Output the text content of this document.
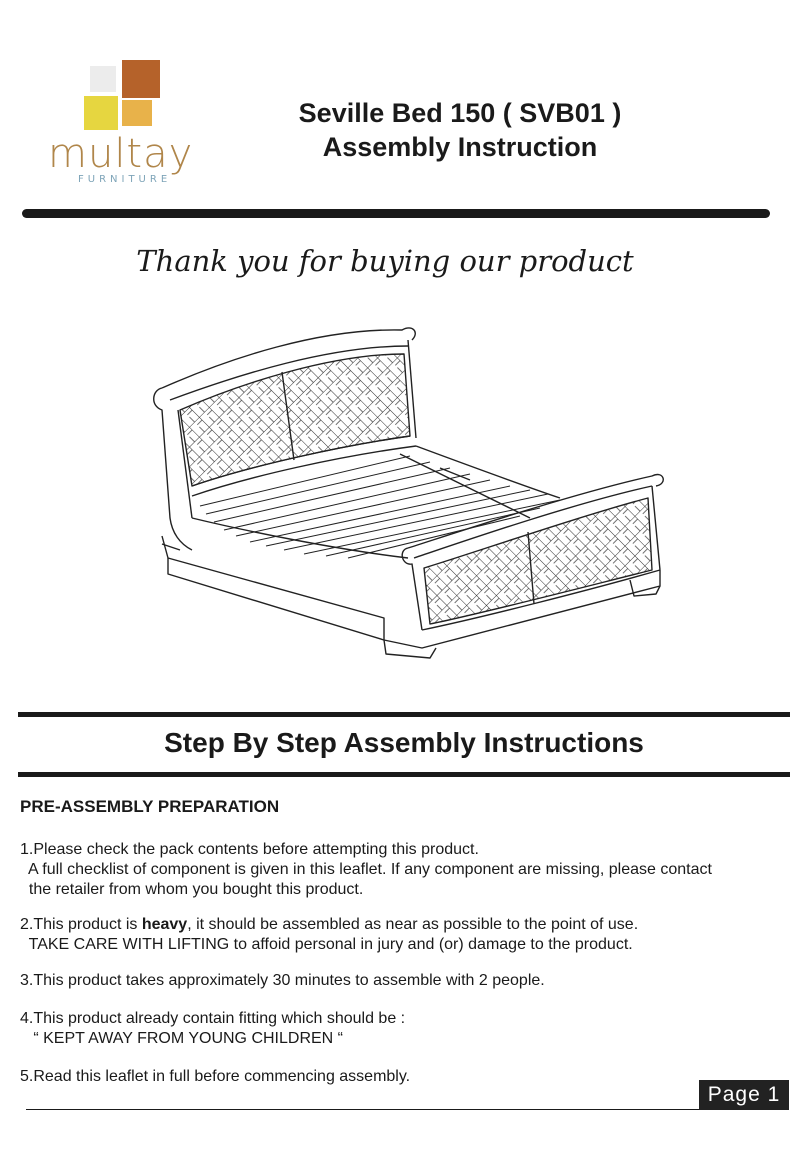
multay
FURNITURE
Seville Bed 150 ( SVB01 )
Assembly Instruction
Thank you for buying our product
Step By Step Assembly Instructions
PRE-ASSEMBLY PREPARATION
1.Please check the pack contents before attempting this product.
A full checklist of component is given in this leaflet. If any component are missing, please contact
the retailer from whom you bought this product.
2.This product is heavy, it should be assembled as near as possible to the point of use.
TAKE CARE WITH LIFTING to affoid personal in jury and (or) damage to the product.
3.This product takes approximately 30 minutes to assemble with 2 people.
4.This product already contain fitting which should be :
“ KEPT AWAY FROM YOUNG CHILDREN “
5.Read this leaflet in full before commencing assembly.
Page 1
